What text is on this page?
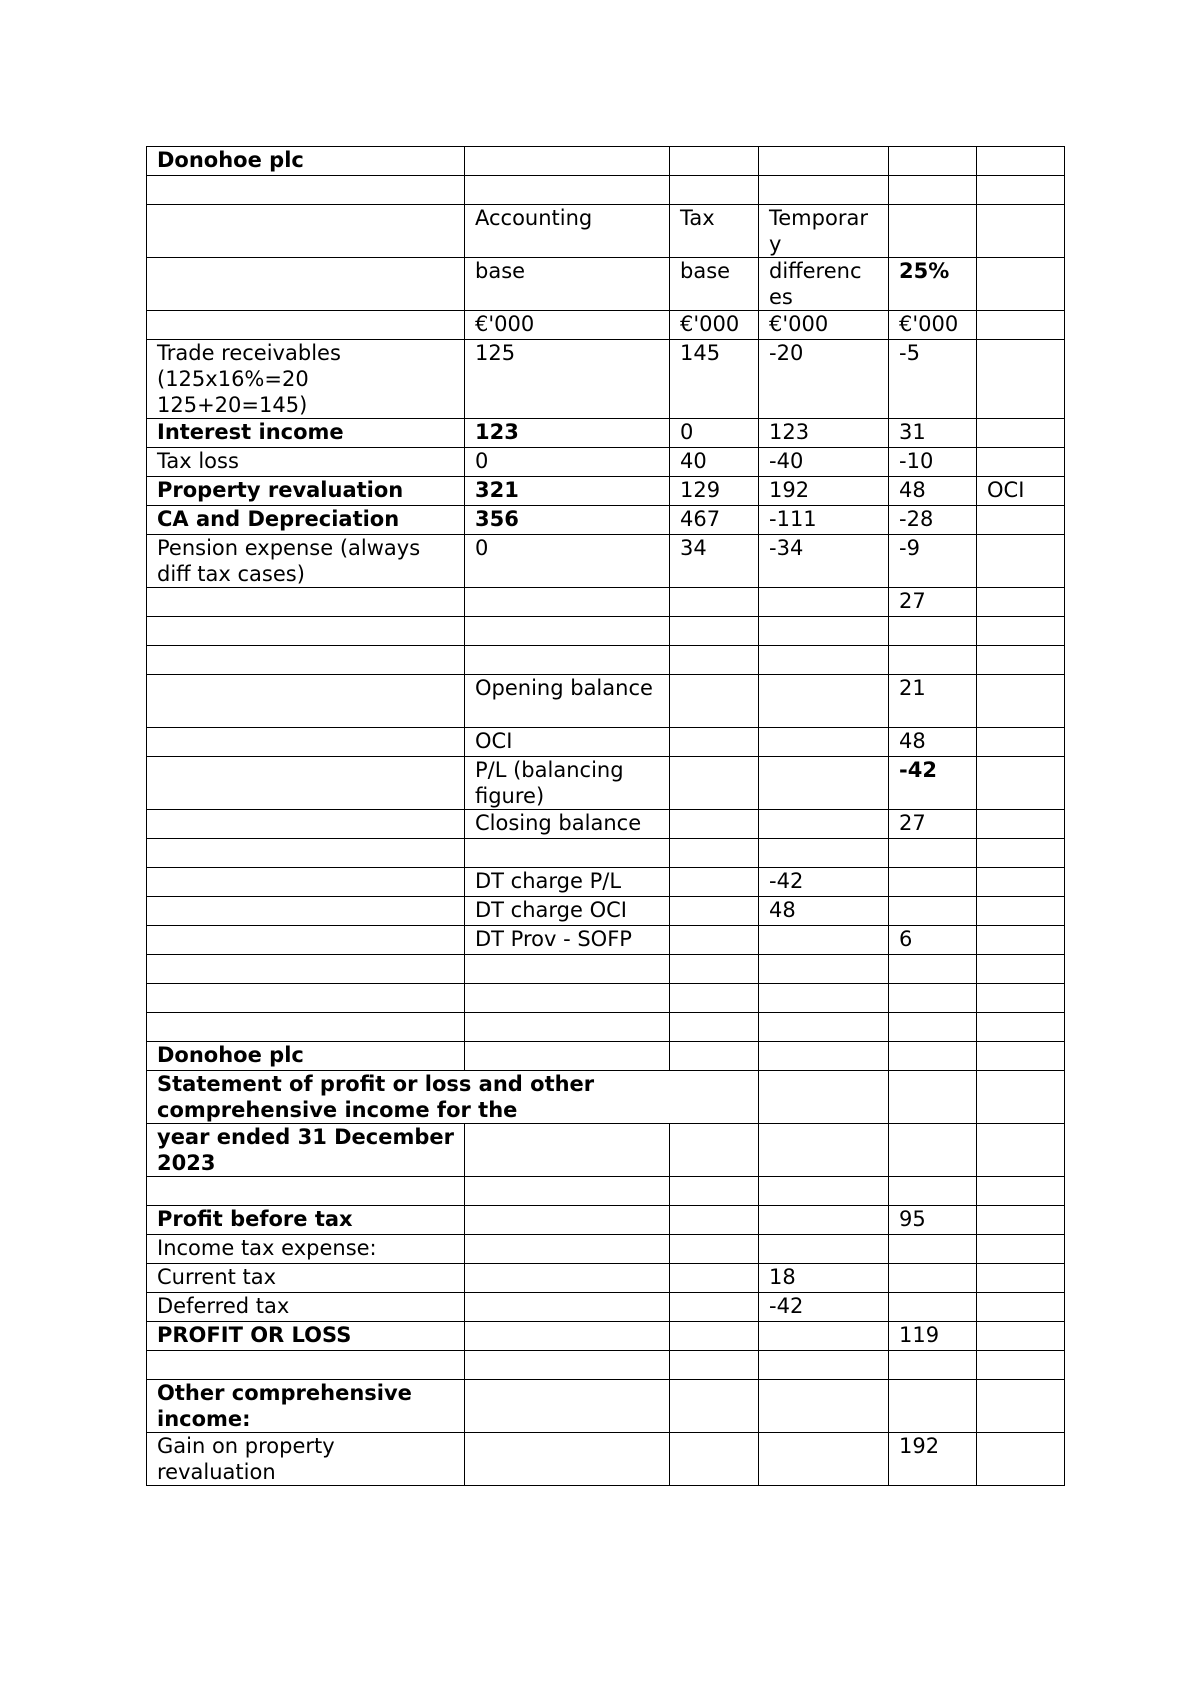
Donohoe plc					

	Accounting	Tax	Temporar y		
	base	base	differenc es	25%	
	€'000	€'000	€'000	€'000	
Trade receivables (125x16%=20 125+20=145)	125	145	-20	-5	
Interest income	123	0	123	31	
Tax loss	0	40	-40	-10	
Property revaluation	321	129	192	48	OCI
CA and Depreciation	356	467	-111	-28	
Pension expense (always diff tax cases)	0	34	-34	-9	
				27	

	Opening balance			21	
	OCI			48	
	P/L (balancing figure)			-42	
	Closing balance			27	

	DT charge P/L		-42		
	DT charge OCI		48		
	DT Prov - SOFP			6	

Donohoe plc					
Statement of profit or loss and other comprehensive income for the					
year ended 31 December 2023					

Profit before tax				95	
Income tax expense:					
Current tax			18		
Deferred tax			-42		
PROFIT OR LOSS				119	

Other comprehensive income:					
Gain on property revaluation				192	
